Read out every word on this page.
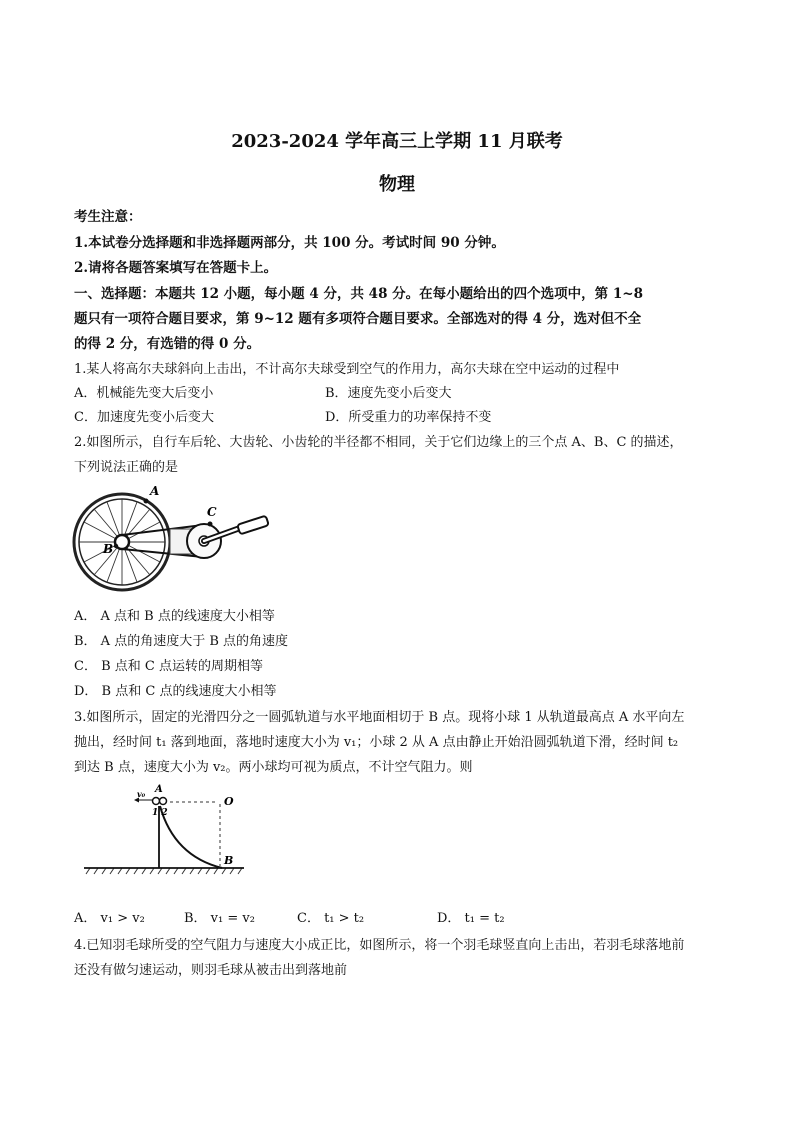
2023-2024 学年高三上学期 11 月联考
物理
考生注意：
1.本试卷分选择题和非选择题两部分，共 100 分。考试时间 90 分钟。
2.请将各题答案填写在答题卡上。
一、选择题：本题共 12 小题，每小题 4 分，共 48 分。在每小题给出的四个选项中，第 1~8
题只有一项符合题目要求，第 9~12 题有多项符合题目要求。全部选对的得 4 分，选对但不全
的得 2 分，有选错的得 0 分。
1.某人将高尔夫球斜向上击出，不计高尔夫球受到空气的作用力，高尔夫球在空中运动的过程中
A．机械能先变大后变小	B．速度先变小后变大
C．加速度先变小后变大	D．所受重力的功率保持不变
2.如图所示，自行车后轮、大齿轮、小齿轮的半径都不相同，关于它们边缘上的三个点 A、B、C 的描述，
下列说法正确的是
A
C
B
A． A 点和 B 点的线速度大小相等
B． A 点的角速度大于 B 点的角速度
C． B 点和 C 点运转的周期相等
D． B 点和 C 点的线速度大小相等
3.如图所示，固定的光滑四分之一圆弧轨道与水平地面相切于 B 点。现将小球 1 从轨道最高点 A 水平向左
抛出，经时间 t₁ 落到地面，落地时速度大小为 v₁；小球 2 从 A 点由静止开始沿圆弧轨道下滑，经时间 t₂
到达 B 点，速度大小为 v₂。两小球均可视为质点，不计空气阻力。则
v₀ A
1 2
O
B
A． v₁ > v₂	B． v₁ = v₂	C． t₁ > t₂	D． t₁ = t₂
4.已知羽毛球所受的空气阻力与速度大小成正比，如图所示，将一个羽毛球竖直向上击出，若羽毛球落地前
还没有做匀速运动，则羽毛球从被击出到落地前
